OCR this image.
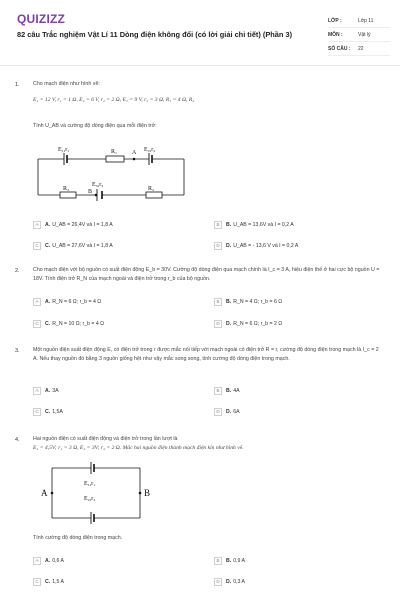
QUIZIZZ
82 câu Trắc nghiệm Vật Lí 11 Dòng điện không đổi (có lời giải chi tiết) (Phần 3)
LỚP :	Lớp 11
MÔN :	Vật lý
SỐ CÂU :	22
1.	Cho mạch điện như hình vẽ:
E₁ = 12 V, r₁ = 1 Ω, E₂ = 6 V, r₂ = 2 Ω, E₃ = 9 V, r₃ = 3 Ω, R₁ = 4 Ω, R₂
Tính U_AB và cường độ dòng điện qua mỗi điện trở:
E₁,r₁	R₁ A E₂,r₂
E₃,r₃
R₃	B	R₂
A	A. U_AB = 26,4V và I = 1,8 A	B	B. U_AB = 13,6V và I = 0,2 A
C	C. U_AB = 27,6V và I = 1,8 A	D	D. U_AB = - 13,6 V và I = 0,2 A
2.	Cho mạch điện với bộ nguồn có suất điện động E_b = 30V. Cường độ dòng điện qua mạch chính là I_c = 3 A, hiệu điện thế ở hai cực bộ nguồn U = 18V. Tính điện trở R_N của mạch ngoài và điện trở trong r_b của bộ nguồn.
A	A. R_N = 6 Ω; r_b = 4 Ω	B	B. R_N = 4 Ω; r_b = 6 Ω
C	C. R_N = 10 Ω; r_b = 4 Ω	D	D. R_N = 6 Ω; r_b = 2 Ω
3.	Một nguồn điện suất điện động E, có điện trở trong r được mắc nối tiếp với mạch ngoài có điện trở R = r, cường độ dòng điện trong mạch là I_c = 2 A. Nếu thay nguồn đó bằng 3 nguồn giống hệt như vậy mắc song song, tính cường độ dòng điện trong mạch.
A	A. 3A	B	B. 4A
C	C. 1,5A	D	D. 6A
4.	Hai nguồn điện có suất điện động và điện trở trong lần lượt là
E₁ = 4,5V; r₁ = 3 Ω, E₂ = 3V; r₂ = 2 Ω. Mắc hai nguồn điện thành mạch điện kín như hình vẽ.
E₁,r₁
E₂,r₂
A	B
Tính cường độ dòng điện trong mạch.
A	A. 0,6 A	B	B. 0,9 A
C	C. 1,5 A	D	D. 0,3 A
